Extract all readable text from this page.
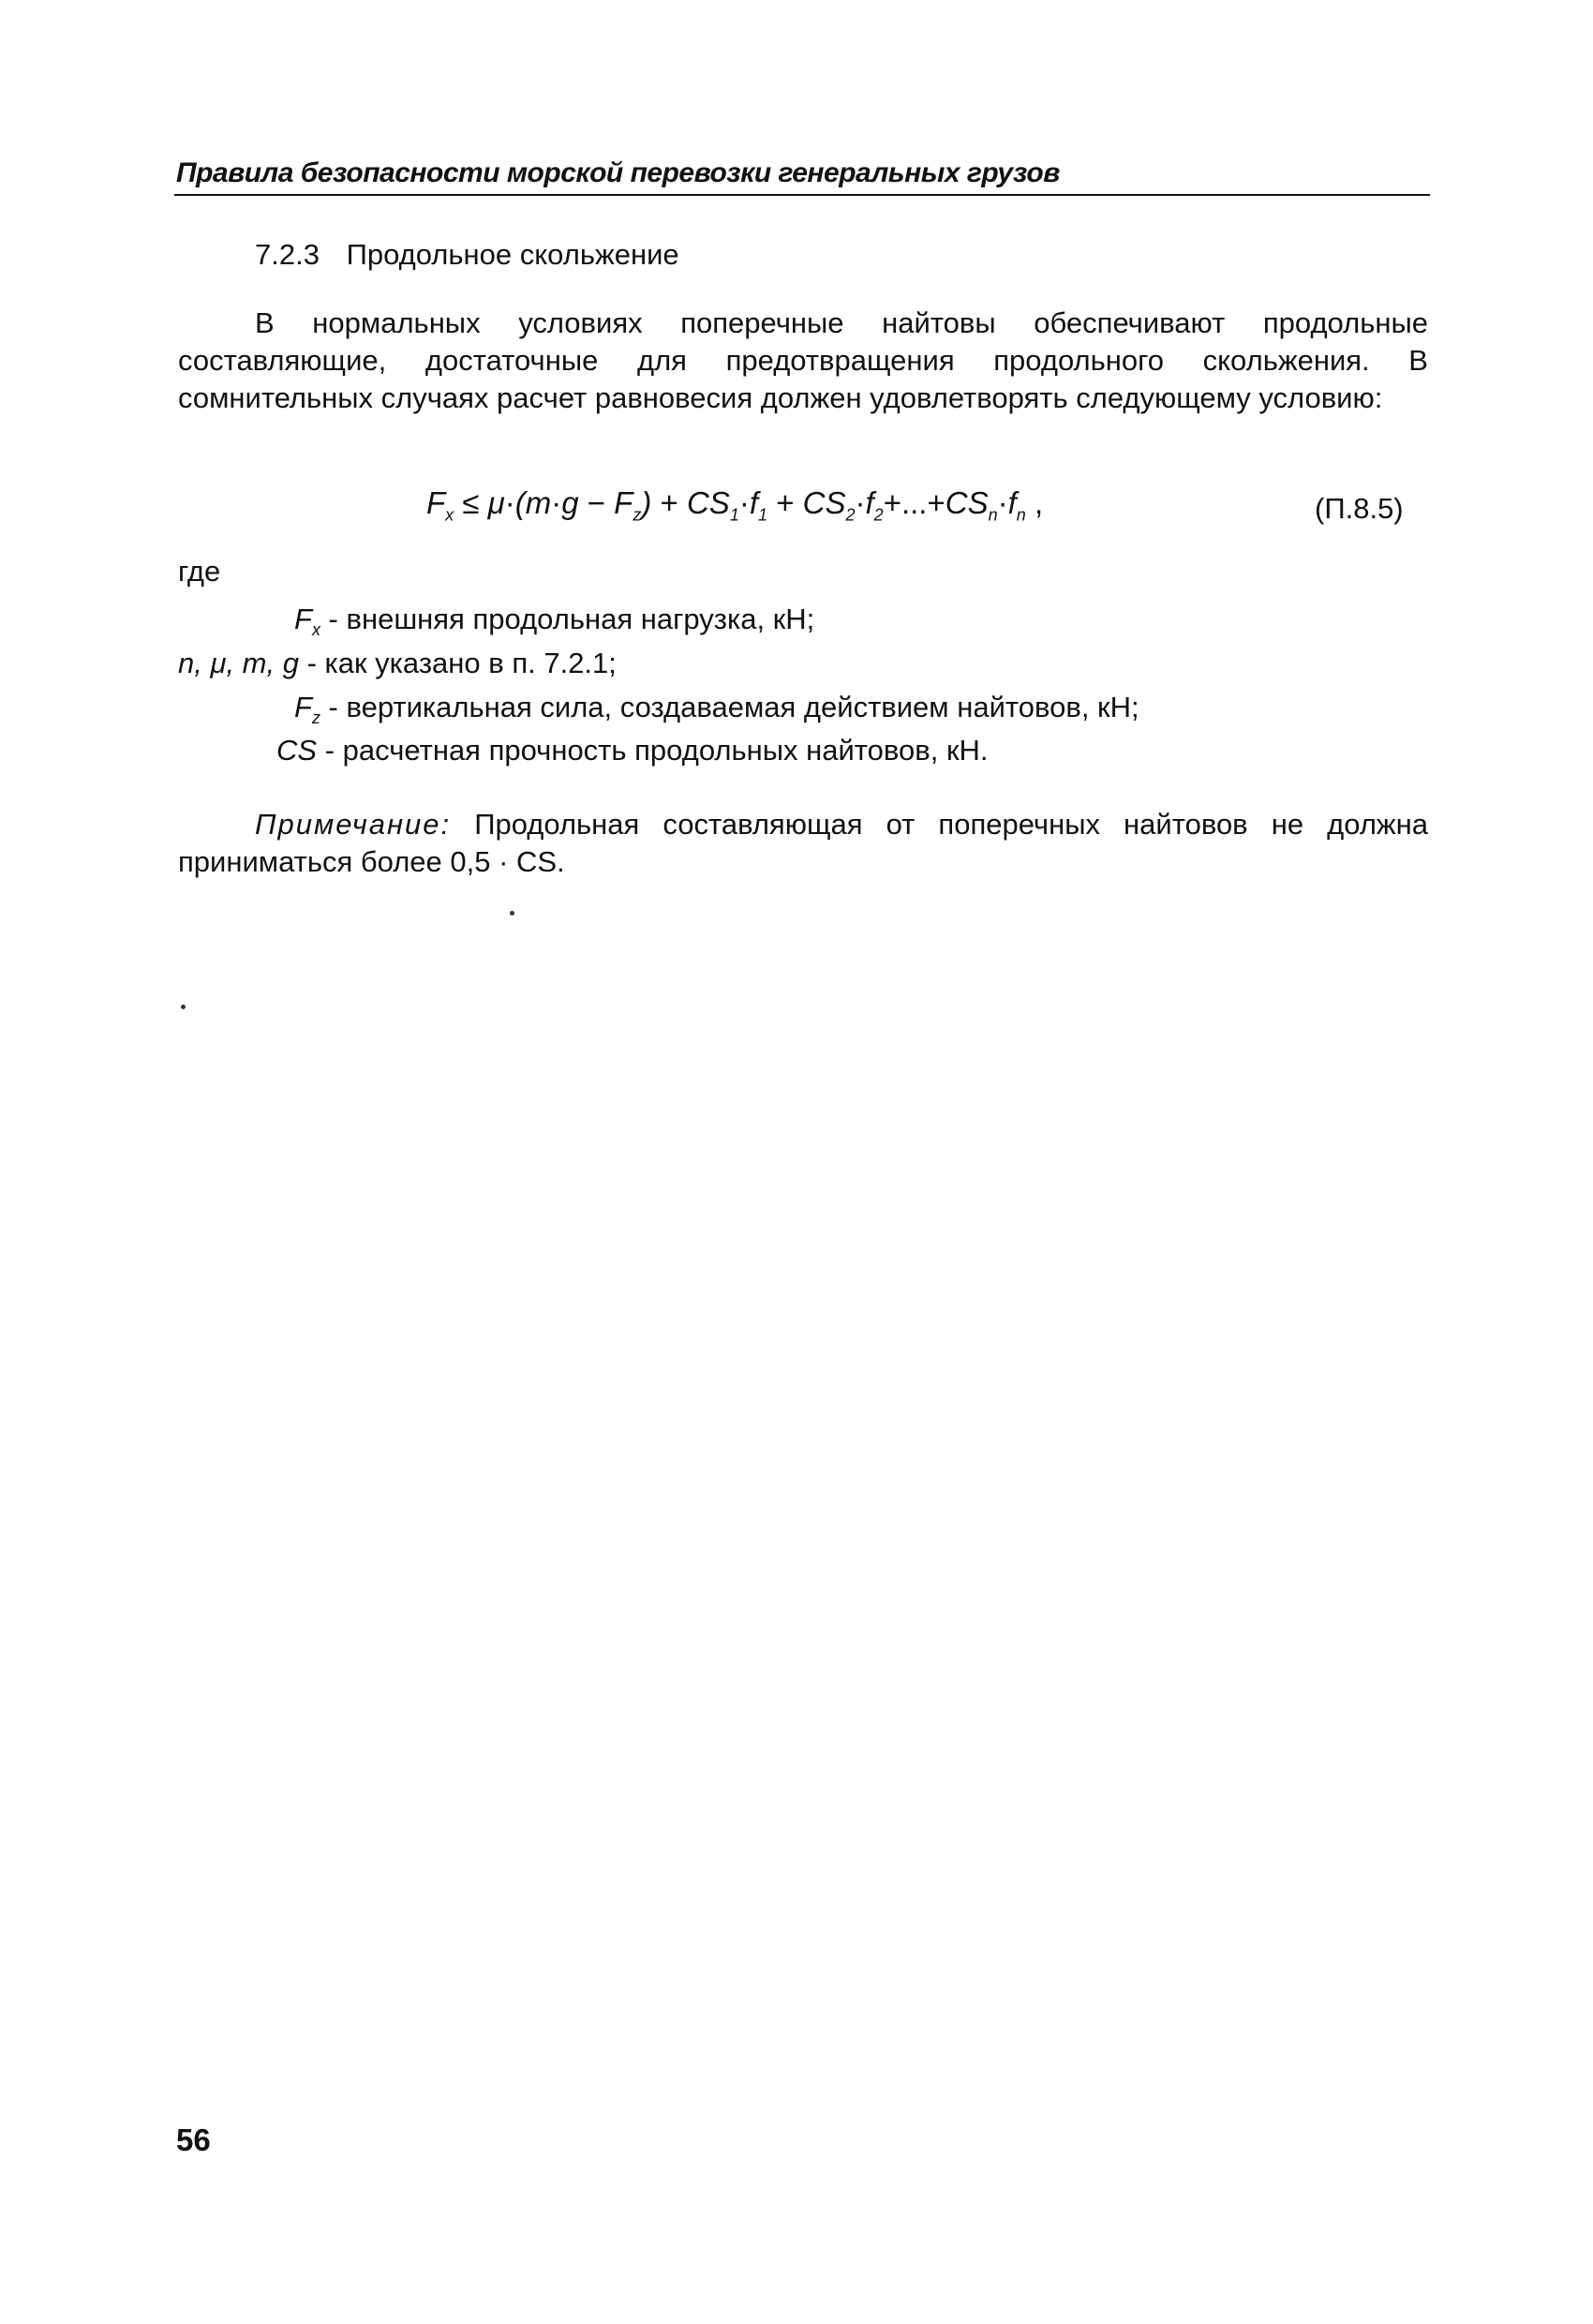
Правила безопасности морской перевозки генеральных грузов
7.2.3 Продольное скольжение
В нормальных условиях поперечные найтовы обеспечивают продольные составляющие, достаточные для предотвращения продольного скольжения. В сомнительных случаях расчет равновесия должен удовлетворять следующему условию:
$F_x \le \mu\cdot(m\cdot g - F_z) + CS_1\cdot f_1 + CS_2\cdot f_2+...+CS_n\cdot f_n$ ,	(П.8.5)
где
$F_x$ - внешняя продольная нагрузка, кН;
n, μ, m, g - как указано в п. 7.2.1;
$F_z$ - вертикальная сила, создаваемая действием найтовов, кН;
CS - расчетная прочность продольных найтовов, кН.
Примечание: Продольная составляющая от поперечных найтовов не должна приниматься более 0,5 · CS.
56
